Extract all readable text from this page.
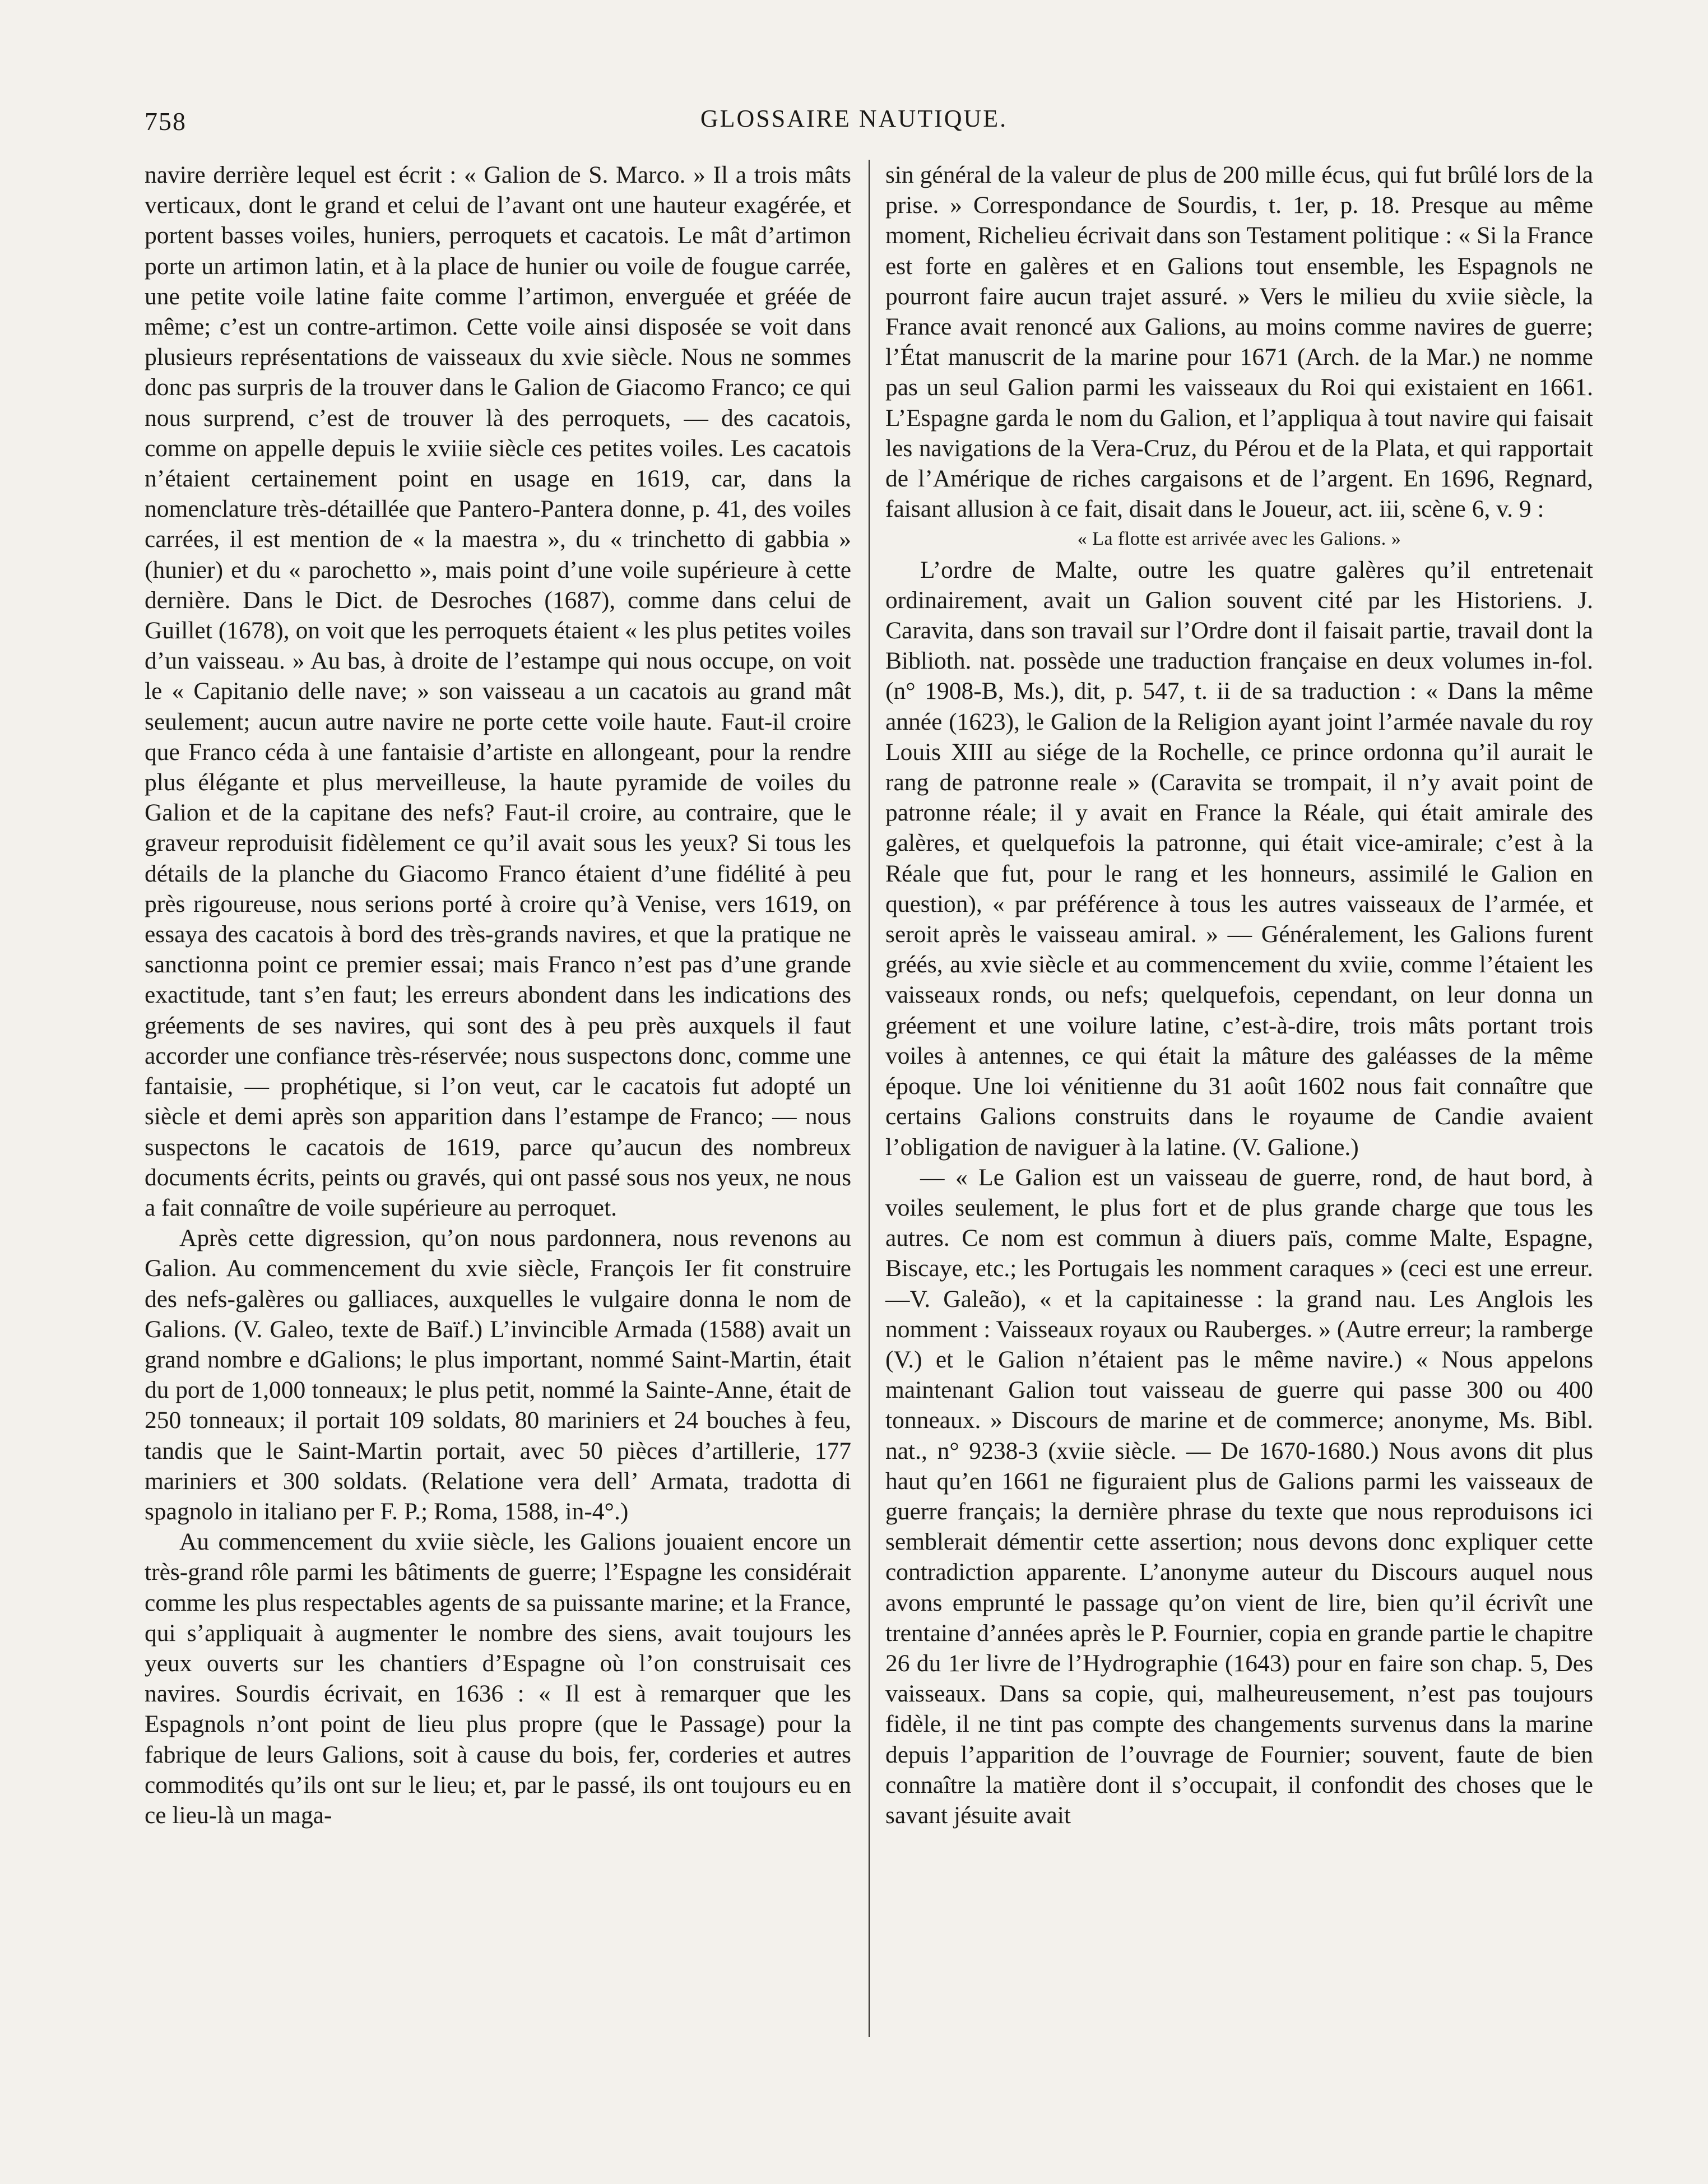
758	GLOSSAIRE NAUTIQUE.

navire derrière lequel est écrit : « Galion de S. Marco. » Il a trois mâts verticaux, dont le grand et celui de l’avant ont une hauteur exagérée, et portent basses voiles, huniers, perroquets et cacatois. Le mât d’artimon porte un artimon latin, et à la place de hunier ou voile de fougue carrée, une petite voile latine faite comme l’artimon, enverguée et gréée de même; c’est un contre-artimon. Cette voile ainsi disposée se voit dans plusieurs représentations de vaisseaux du xvie siècle. Nous ne sommes donc pas surpris de la trouver dans le Galion de Giacomo Franco; ce qui nous surprend, c’est de trouver là des perroquets, — des cacatois, comme on appelle depuis le xviiie siècle ces petites voiles. Les cacatois n’étaient certainement point en usage en 1619, car, dans la nomenclature très-détaillée que Pantero-Pantera donne, p. 41, des voiles carrées, il est mention de « la maestra », du « trinchetto di gabbia » (hunier) et du « parochetto », mais point d’une voile supérieure à cette dernière. Dans le Dict. de Desroches (1687), comme dans celui de Guillet (1678), on voit que les perroquets étaient « les plus petites voiles d’un vaisseau. » Au bas, à droite de l’estampe qui nous occupe, on voit le « Capitanio delle nave; » son vaisseau a un cacatois au grand mât seulement; aucun autre navire ne porte cette voile haute. Faut-il croire que Franco céda à une fantaisie d’artiste en allongeant, pour la rendre plus élégante et plus merveilleuse, la haute pyramide de voiles du Galion et de la capitane des nefs? Faut-il croire, au contraire, que le graveur reproduisit fidèlement ce qu’il avait sous les yeux? Si tous les détails de la planche du Giacomo Franco étaient d’une fidélité à peu près rigoureuse, nous serions porté à croire qu’à Venise, vers 1619, on essaya des cacatois à bord des très-grands navires, et que la pratique ne sanctionna point ce premier essai; mais Franco n’est pas d’une grande exactitude, tant s’en faut; les erreurs abondent dans les indications des gréements de ses navires, qui sont des à peu près auxquels il faut accorder une confiance très-réservée; nous suspectons donc, comme une fantaisie, — prophétique, si l’on veut, car le cacatois fut adopté un siècle et demi après son apparition dans l’estampe de Franco; — nous suspectons le cacatois de 1619, parce qu’aucun des nombreux documents écrits, peints ou gravés, qui ont passé sous nos yeux, ne nous a fait connaître de voile supérieure au perroquet.

Après cette digression, qu’on nous pardonnera, nous revenons au Galion. Au commencement du xvie siècle, François Ier fit construire des nefs-galères ou galliaces, auxquelles le vulgaire donna le nom de Galions. (V. Galeo, texte de Baïf.) L’invincible Armada (1588) avait un grand nombre e dGalions; le plus important, nommé Saint-Martin, était du port de 1,000 tonneaux; le plus petit, nommé la Sainte-Anne, était de 250 tonneaux; il portait 109 soldats, 80 mariniers et 24 bouches à feu, tandis que le Saint-Martin portait, avec 50 pièces d’artillerie, 177 mariniers et 300 soldats. (Relatione vera dell’ Armata, tradotta di spagnolo in italiano per F. P.; Roma, 1588, in-4°.)

Au commencement du xviie siècle, les Galions jouaient encore un très-grand rôle parmi les bâtiments de guerre; l’Espagne les considérait comme les plus respectables agents de sa puissante marine; et la France, qui s’appliquait à augmenter le nombre des siens, avait toujours les yeux ouverts sur les chantiers d’Espagne où l’on construisait ces navires. Sourdis écrivait, en 1636 : « Il est à remarquer que les Espagnols n’ont point de lieu plus propre (que le Passage) pour la fabrique de leurs Galions, soit à cause du bois, fer, corderies et autres commodités qu’ils ont sur le lieu; et, par le passé, ils ont toujours eu en ce lieu-là un maga-

sin général de la valeur de plus de 200 mille écus, qui fut brûlé lors de la prise. » Correspondance de Sourdis, t. 1er, p. 18. Presque au même moment, Richelieu écrivait dans son Testament politique : « Si la France est forte en galères et en Galions tout ensemble, les Espagnols ne pourront faire aucun trajet assuré. » Vers le milieu du xviie siècle, la France avait renoncé aux Galions, au moins comme navires de guerre; l’État manuscrit de la marine pour 1671 (Arch. de la Mar.) ne nomme pas un seul Galion parmi les vaisseaux du Roi qui existaient en 1661. L’Espagne garda le nom du Galion, et l’appliqua à tout navire qui faisait les navigations de la Vera-Cruz, du Pérou et de la Plata, et qui rapportait de l’Amérique de riches cargaisons et de l’argent. En 1696, Regnard, faisant allusion à ce fait, disait dans le Joueur, act. iii, scène 6, v. 9 :

« La flotte est arrivée avec les Galions. »

L’ordre de Malte, outre les quatre galères qu’il entretenait ordinairement, avait un Galion souvent cité par les Historiens. J. Caravita, dans son travail sur l’Ordre dont il faisait partie, travail dont la Biblioth. nat. possède une traduction française en deux volumes in-fol. (n° 1908-B, Ms.), dit, p. 547, t. ii de sa traduction : « Dans la même année (1623), le Galion de la Religion ayant joint l’armée navale du roy Louis XIII au siége de la Rochelle, ce prince ordonna qu’il aurait le rang de patronne reale » (Caravita se trompait, il n’y avait point de patronne réale; il y avait en France la Réale, qui était amirale des galères, et quelquefois la patronne, qui était vice-amirale; c’est à la Réale que fut, pour le rang et les honneurs, assimilé le Galion en question), « par préférence à tous les autres vaisseaux de l’armée, et seroit après le vaisseau amiral. » — Généralement, les Galions furent gréés, au xvie siècle et au commencement du xviie, comme l’étaient les vaisseaux ronds, ou nefs; quelquefois, cependant, on leur donna un gréement et une voilure latine, c’est-à-dire, trois mâts portant trois voiles à antennes, ce qui était la mâture des galéasses de la même époque. Une loi vénitienne du 31 août 1602 nous fait connaître que certains Galions construits dans le royaume de Candie avaient l’obligation de naviguer à la latine. (V. Galione.)

— « Le Galion est un vaisseau de guerre, rond, de haut bord, à voiles seulement, le plus fort et de plus grande charge que tous les autres. Ce nom est commun à diuers païs, comme Malte, Espagne, Biscaye, etc.; les Portugais les nomment caraques » (ceci est une erreur.—V. Galeão), « et la capitainesse : la grand nau. Les Anglois les nomment : Vaisseaux royaux ou Rauberges. » (Autre erreur; la ramberge (V.) et le Galion n’étaient pas le même navire.) « Nous appelons maintenant Galion tout vaisseau de guerre qui passe 300 ou 400 tonneaux. » Discours de marine et de commerce; anonyme, Ms. Bibl. nat., n° 9238-3 (xviie siècle. — De 1670-1680.) Nous avons dit plus haut qu’en 1661 ne figuraient plus de Galions parmi les vaisseaux de guerre français; la dernière phrase du texte que nous reproduisons ici semblerait démentir cette assertion; nous devons donc expliquer cette contradiction apparente. L’anonyme auteur du Discours auquel nous avons emprunté le passage qu’on vient de lire, bien qu’il écrivît une trentaine d’années après le P. Fournier, copia en grande partie le chapitre 26 du 1er livre de l’Hydrographie (1643) pour en faire son chap. 5, Des vaisseaux. Dans sa copie, qui, malheureusement, n’est pas toujours fidèle, il ne tint pas compte des changements survenus dans la marine depuis l’apparition de l’ouvrage de Fournier; souvent, faute de bien connaître la matière dont il s’occupait, il confondit des choses que le savant jésuite avait
